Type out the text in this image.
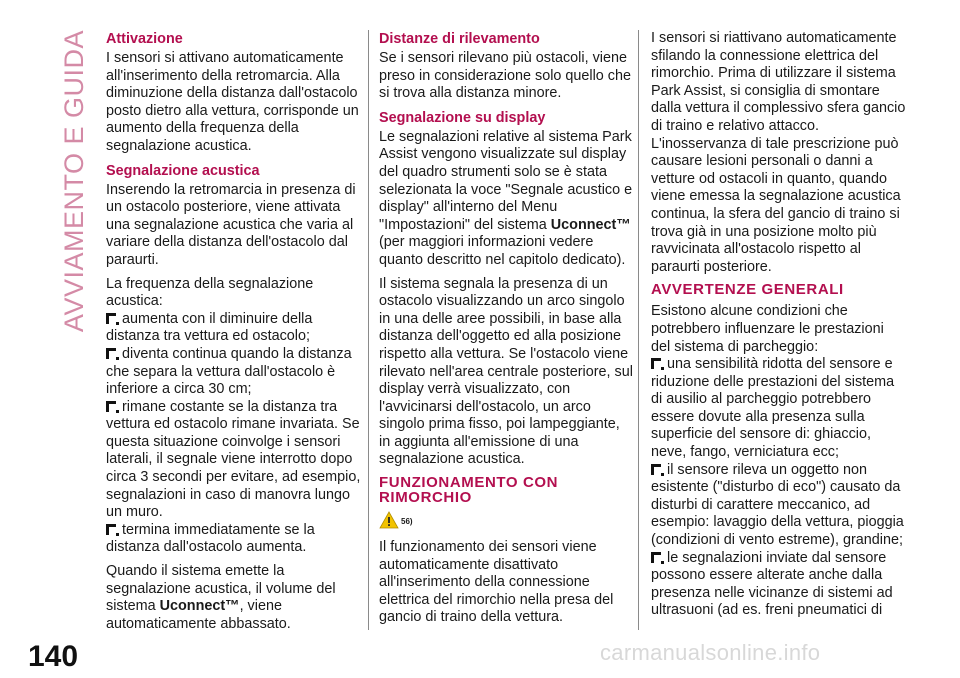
AVVIAMENTO E GUIDA Attivazione

I sensori si attivano automaticamente all'inserimento della retromarcia. Alla diminuzione della distanza dall'ostacolo posto dietro alla vettura, corrisponde un aumento della frequenza della segnalazione acustica.

Segnalazione acustica

Inserendo la retromarcia in presenza di un ostacolo posteriore, viene attivata una segnalazione acustica che varia al variare della distanza dell'ostacolo dal paraurti.

La frequenza della segnalazione acustica:
aumenta con il diminuire della distanza tra vettura ed ostacolo;
diventa continua quando la distanza che separa la vettura dall'ostacolo è inferiore a circa 30 cm;
rimane costante se la distanza tra vettura ed ostacolo rimane invariata. Se questa situazione coinvolge i sensori laterali, il segnale viene interrotto dopo circa 3 secondi per evitare, ad esempio, segnalazioni in caso di manovra lungo un muro.
termina immediatamente se la distanza dall'ostacolo aumenta.

Quando il sistema emette la segnalazione acustica, il volume del sistema Uconnect™, viene automaticamente abbassato.

Distanze di rilevamento

Se i sensori rilevano più ostacoli, viene preso in considerazione solo quello che si trova alla distanza minore.

Segnalazione su display

Le segnalazioni relative al sistema Park Assist vengono visualizzate sul display del quadro strumenti solo se è stata selezionata la voce "Segnale acustico e display" all'interno del Menu "Impostazioni" del sistema Uconnect™ (per maggiori informazioni vedere quanto descritto nel capitolo dedicato).

Il sistema segnala la presenza di un ostacolo visualizzando un arco singolo in una delle aree possibili, in base alla distanza dell'oggetto ed alla posizione rispetto alla vettura. Se l'ostacolo viene rilevato nell'area centrale posteriore, sul display verrà visualizzato, con l'avvicinarsi dell'ostacolo, un arco singolo prima fisso, poi lampeggiante, in aggiunta all'emissione di una segnalazione acustica.

FUNZIONAMENTO CON RIMORCHIO
56)

Il funzionamento dei sensori viene automaticamente disattivato all'inserimento della connessione elettrica del rimorchio nella presa del gancio di traino della vettura.

I sensori si riattivano automaticamente sfilando la connessione elettrica del rimorchio. Prima di utilizzare il sistema Park Assist, si consiglia di smontare dalla vettura il complessivo sfera gancio di traino e relativo attacco. L'inosservanza di tale prescrizione può causare lesioni personali o danni a vetture od ostacoli in quanto, quando viene emessa la segnalazione acustica continua, la sfera del gancio di traino si trova già in una posizione molto più ravvicinata all'ostacolo rispetto al paraurti posteriore.

AVVERTENZE GENERALI
Esistono alcune condizioni che potrebbero influenzare le prestazioni del sistema di parcheggio:
una sensibilità ridotta del sensore e riduzione delle prestazioni del sistema di ausilio al parcheggio potrebbero essere dovute alla presenza sulla superficie del sensore di: ghiaccio, neve, fango, verniciatura ecc;
il sensore rileva un oggetto non esistente ("disturbo di eco") causato da disturbi di carattere meccanico, ad esempio: lavaggio della vettura, pioggia (condizioni di vento estreme), grandine;
le segnalazioni inviate dal sensore possono essere alterate anche dalla presenza nelle vicinanze di sistemi ad ultrasuoni (ad es. freni pneumatici di
140	carmanualsonline.info
